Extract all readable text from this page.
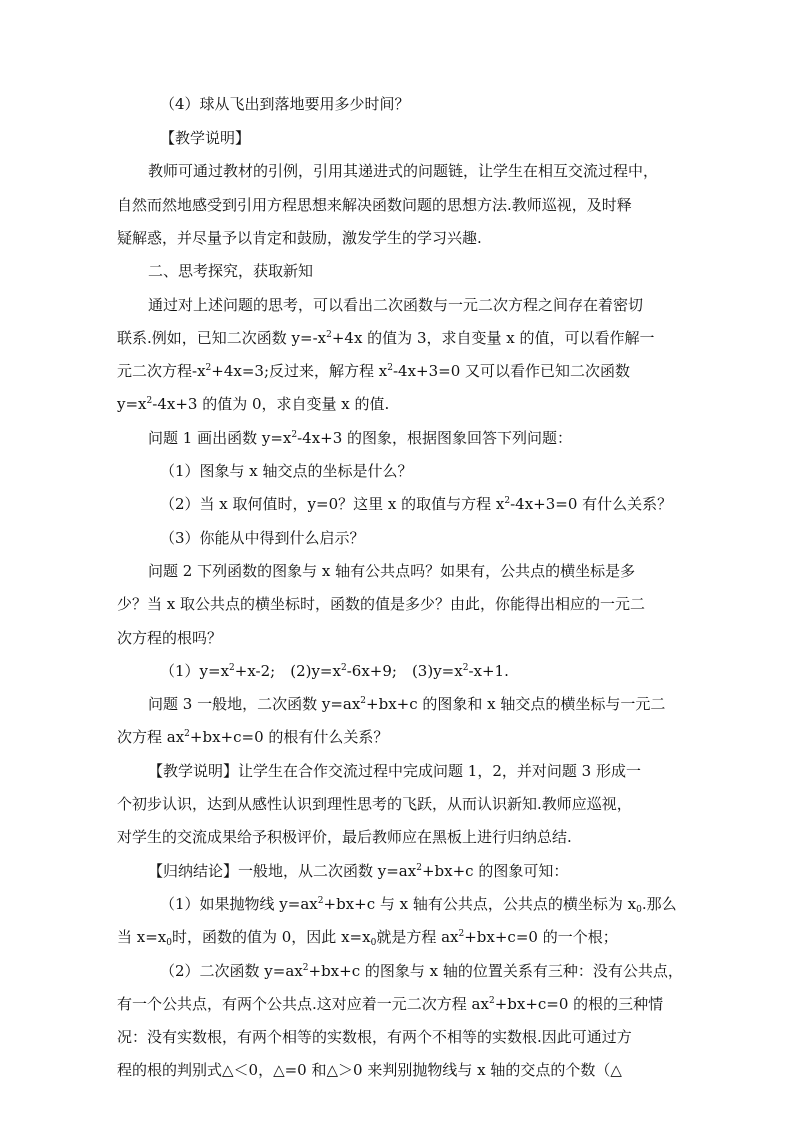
（4）球从飞出到落地要用多少时间？
【教学说明】
教师可通过教材的引例，引用其递进式的问题链，让学生在相互交流过程中，
自然而然地感受到引用方程思想来解决函数问题的思想方法.教师巡视，及时释
疑解惑，并尽量予以肯定和鼓励，激发学生的学习兴趣.
二、思考探究，获取新知
通过对上述问题的思考，可以看出二次函数与一元二次方程之间存在着密切
联系.例如，已知二次函数 $y=-x^2+4x$ 的值为 3，求自变量 x 的值，可以看作解一
元二次方程$-x^2+4x=3$;反过来，解方程 $x^2-4x+3=0$ 又可以看作已知二次函数
$y=x^2-4x+3$ 的值为 0，求自变量 x 的值.
问题 1 画出函数 $y=x^2-4x+3$ 的图象，根据图象回答下列问题：
（1）图象与 x 轴交点的坐标是什么？
（2）当 x 取何值时，y=0？这里 x 的取值与方程 $x^2-4x+3=0$ 有什么关系？
（3）你能从中得到什么启示？
问题 2 下列函数的图象与 x 轴有公共点吗？如果有，公共点的横坐标是多
少？当 x 取公共点的横坐标时，函数的值是多少？由此，你能得出相应的一元二
次方程的根吗？
$(1)y=x^2+x-2$;　$(2)y=x^2-6x+9$;　$(3)y=x^2-x+1$.
问题 3 一般地，二次函数 $y=ax^2+bx+c$ 的图象和 x 轴交点的横坐标与一元二
次方程 $ax^2+bx+c=0$ 的根有什么关系？
【教学说明】让学生在合作交流过程中完成问题 1，2，并对问题 3 形成一
个初步认识，达到从感性认识到理性思考的飞跃，从而认识新知.教师应巡视，
对学生的交流成果给予积极评价，最后教师应在黑板上进行归纳总结.
【归纳结论】一般地，从二次函数 $y=ax^2+bx+c$ 的图象可知：
（1）如果抛物线 $y=ax^2+bx+c$ 与 x 轴有公共点，公共点的横坐标为 $x_0$.那么
当 $x=x_0$时，函数的值为 0，因此 $x=x_0$就是方程 $ax^2+bx+c=0$ 的一个根；
（2）二次函数 $y=ax^2+bx+c$ 的图象与 x 轴的位置关系有三种：没有公共点，
有一个公共点，有两个公共点.这对应着一元二次方程 $ax^2+bx+c=0$ 的根的三种情
况：没有实数根，有两个相等的实数根，有两个不相等的实数根.因此可通过方
程的根的判别式△＜0，△=0 和△＞0 来判别抛物线与 x 轴的交点的个数（△
